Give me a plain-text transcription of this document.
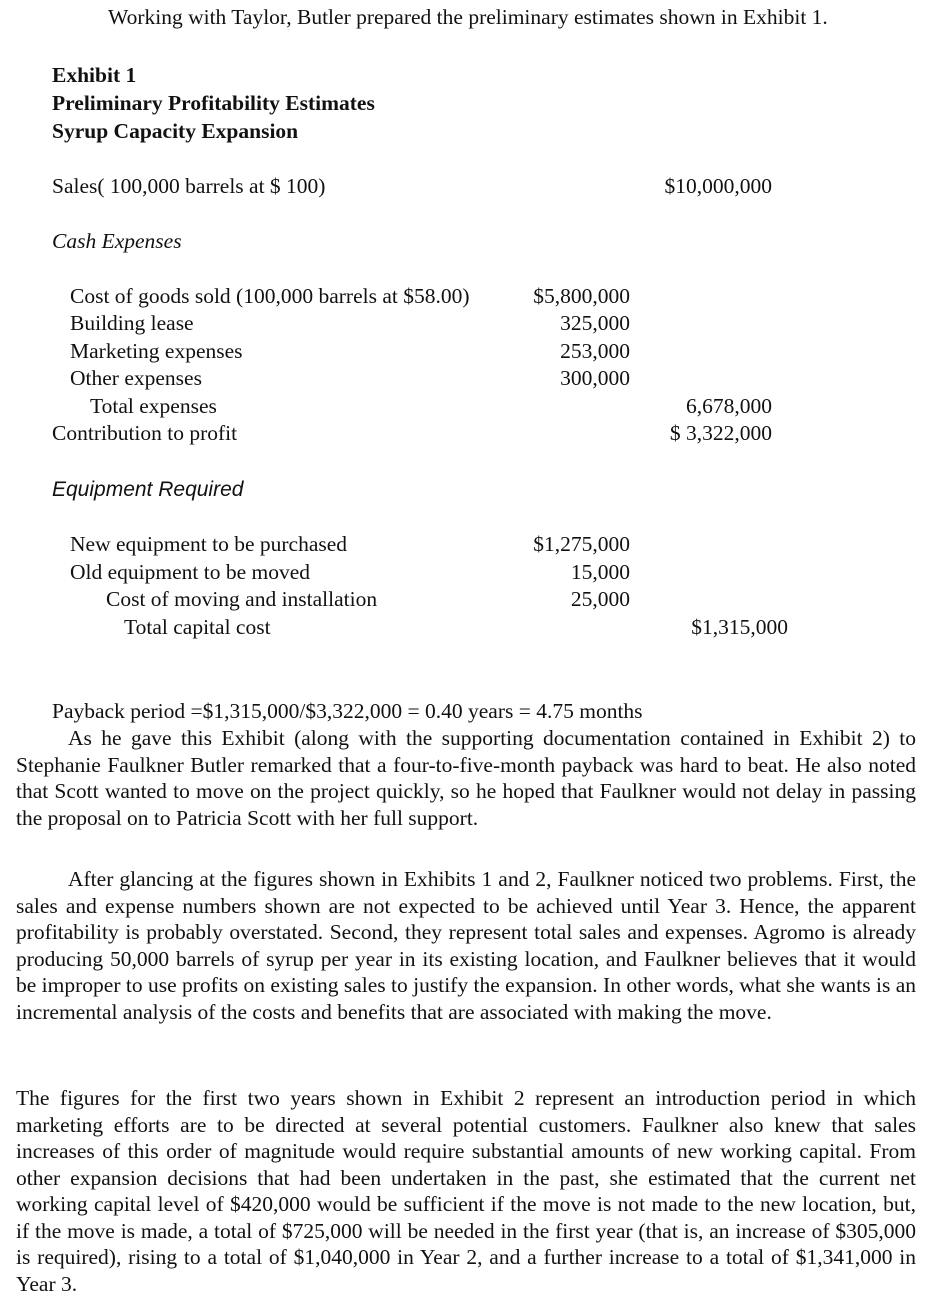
Working with Taylor, Butler prepared the preliminary estimates shown in Exhibit 1.
Exhibit 1
Preliminary Profitability Estimates
Syrup Capacity Expansion
Sales( 100,000 barrels at $ 100)	$10,000,000
Cash Expenses
Cost of goods sold (100,000 barrels at $58.00)	$5,800,000
Building lease	325,000
Marketing expenses	253,000
Other expenses	300,000
Total expenses	6,678,000
Contribution to profit	$ 3,322,000
Equipment Required
New equipment to be purchased	$1,275,000
Old equipment to be moved	15,000
Cost of moving and installation	25,000
Total capital cost	$1,315,000
Payback period =$1,315,000/$3,322,000 = 0.40 years = 4.75 months

As he gave this Exhibit (along with the supporting documentation contained in Exhibit 2) to Stephanie Faulkner Butler remarked that a four-to-five-month payback was hard to beat. He also noted that Scott wanted to move on the project quickly, so he hoped that Faulkner would not delay in passing the proposal on to Patricia Scott with her full support.

After glancing at the figures shown in Exhibits 1 and 2, Faulkner noticed two problems. First, the sales and expense numbers shown are not expected to be achieved until Year 3. Hence, the apparent profitability is probably overstated. Second, they represent total sales and expenses. Agromo is already producing 50,000 barrels of syrup per year in its existing location, and Faulkner believes that it would be improper to use profits on existing sales to justify the expansion. In other words, what she wants is an incremental analysis of the costs and benefits that are associated with making the move.

The figures for the first two years shown in Exhibit 2 represent an introduction period in which marketing efforts are to be directed at several potential customers. Faulkner also knew that sales increases of this order of magnitude would require substantial amounts of new working capital. From other expansion decisions that had been undertaken in the past, she estimated that the current net working capital level of $420,000 would be sufficient if the move is not made to the new location, but, if the move is made, a total of $725,000 will be needed in the first year (that is, an increase of $305,000 is required), rising to a total of $1,040,000 in Year 2, and a further increase to a total of $1,341,000 in Year 3.
